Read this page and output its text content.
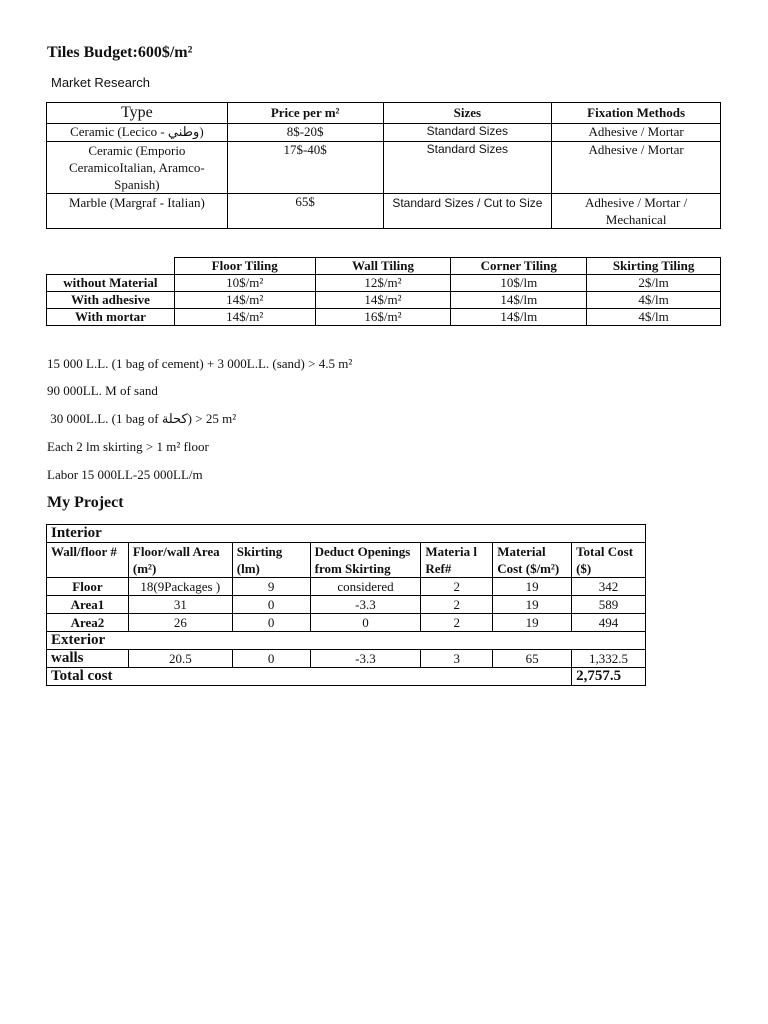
Tiles Budget:600$/m²
Market Research
Type	Price per m²	Sizes	Fixation Methods
Ceramic (Lecico - وطني)	8$-20$	Standard Sizes	Adhesive / Mortar
Ceramic (Emporio CeramicoItalian, Aramco-Spanish)	17$-40$	Standard Sizes	Adhesive / Mortar
Marble (Margraf - Italian)	65$	Standard Sizes / Cut to Size	Adhesive / Mortar / Mechanical
	Floor Tiling	Wall Tiling	Corner Tiling	Skirting Tiling
without Material	10$/m²	12$/m²	10$/lm	2$/lm
With adhesive	14$/m²	14$/m²	14$/lm	4$/lm
With mortar	14$/m²	16$/m²	14$/lm	4$/lm
15 000 L.L. (1 bag of cement) + 3 000L.L. (sand) > 4.5 m²
90 000LL. M of sand
30 000L.L. (1 bag of كحلة) > 25 m²
Each 2 lm skirting > 1 m² floor
Labor 15 000LL-25 000LL/m
My Project
Interior						
Wall/floor #	Floor/wall Area (m²)	Skirting (lm)	Deduct Openings from Skirting	Materia l Ref#	Material Cost ($/m²)	Total Cost ($)
Floor	18(9Packages )	9	considered	2	19	342
Area1	31	0	-3.3	2	19	589
Area2	26	0	0	2	19	494
Exterior						
walls	20.5	0	-3.3	3	65	1,332.5
Total cost						2,757.5
